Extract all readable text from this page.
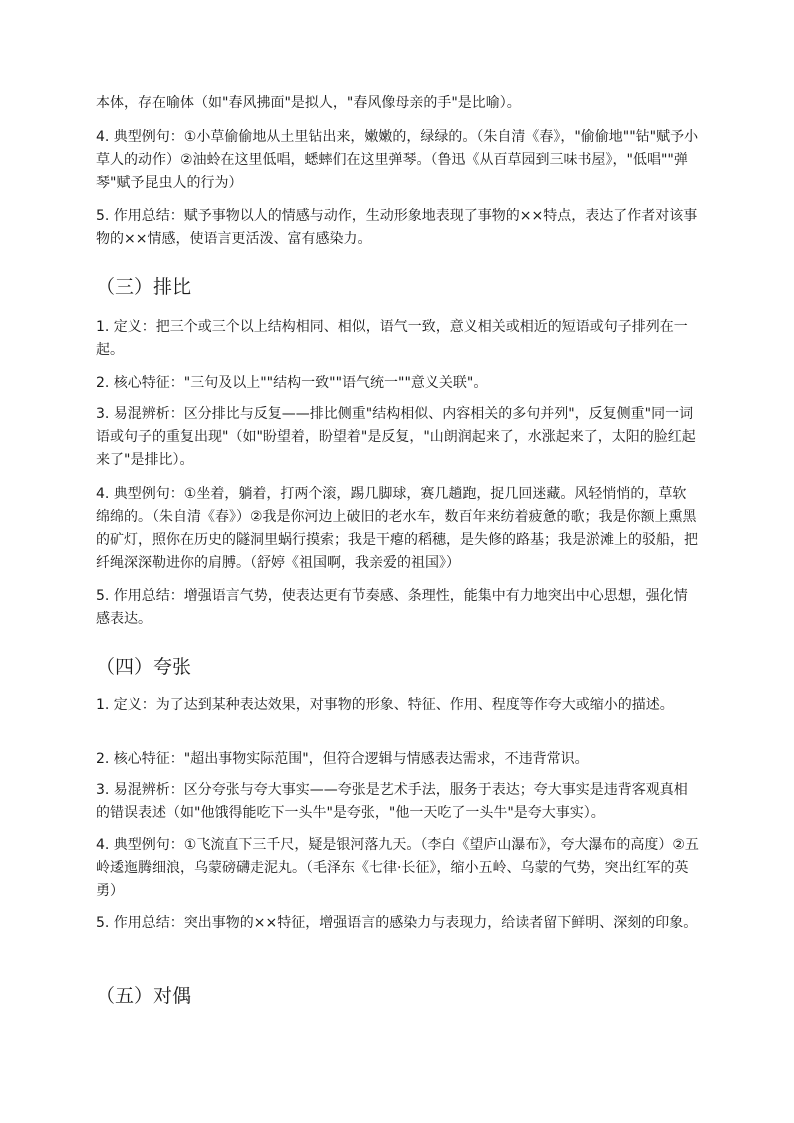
本体，存在喻体（如"春风拂面"是拟人，"春风像母亲的手"是比喻）。

4. 典型例句：①小草偷偷地从土里钻出来，嫩嫩的，绿绿的。（朱自清《春》，"偷偷地""钻"赋予小草人的动作）②油蛉在这里低唱，蟋蟀们在这里弹琴。（鲁迅《从百草园到三味书屋》，"低唱""弹琴"赋予昆虫人的行为）

5. 作用总结：赋予事物以人的情感与动作，生动形象地表现了事物的××特点，表达了作者对该事物的××情感，使语言更活泼、富有感染力。

（三）排比

1. 定义：把三个或三个以上结构相同、相似，语气一致，意义相关或相近的短语或句子排列在一起。

2. 核心特征："三句及以上""结构一致""语气统一""意义关联"。

3. 易混辨析：区分排比与反复——排比侧重"结构相似、内容相关的多句并列"，反复侧重"同一词语或句子的重复出现"（如"盼望着，盼望着"是反复，"山朗润起来了，水涨起来了，太阳的脸红起来了"是排比）。

4. 典型例句：①坐着，躺着，打两个滚，踢几脚球，赛几趟跑，捉几回迷藏。风轻悄悄的，草软绵绵的。（朱自清《春》）②我是你河边上破旧的老水车，数百年来纺着疲惫的歌；我是你额上熏黑的矿灯，照你在历史的隧洞里蜗行摸索；我是干瘪的稻穗，是失修的路基；我是淤滩上的驳船，把纤绳深深勒进你的肩膊。（舒婷《祖国啊，我亲爱的祖国》）

5. 作用总结：增强语言气势，使表达更有节奏感、条理性，能集中有力地突出中心思想，强化情感表达。

（四）夸张

1. 定义：为了达到某种表达效果，对事物的形象、特征、作用、程度等作夸大或缩小的描述。

2. 核心特征："超出事物实际范围"，但符合逻辑与情感表达需求，不违背常识。

3. 易混辨析：区分夸张与夸大事实——夸张是艺术手法，服务于表达；夸大事实是违背客观真相的错误表述（如"他饿得能吃下一头牛"是夸张，"他一天吃了一头牛"是夸大事实）。

4. 典型例句：①飞流直下三千尺，疑是银河落九天。（李白《望庐山瀑布》，夸大瀑布的高度）②五岭逶迤腾细浪，乌蒙磅礴走泥丸。（毛泽东《七律·长征》，缩小五岭、乌蒙的气势，突出红军的英勇）

5. 作用总结：突出事物的××特征，增强语言的感染力与表现力，给读者留下鲜明、深刻的印象。

（五）对偶
